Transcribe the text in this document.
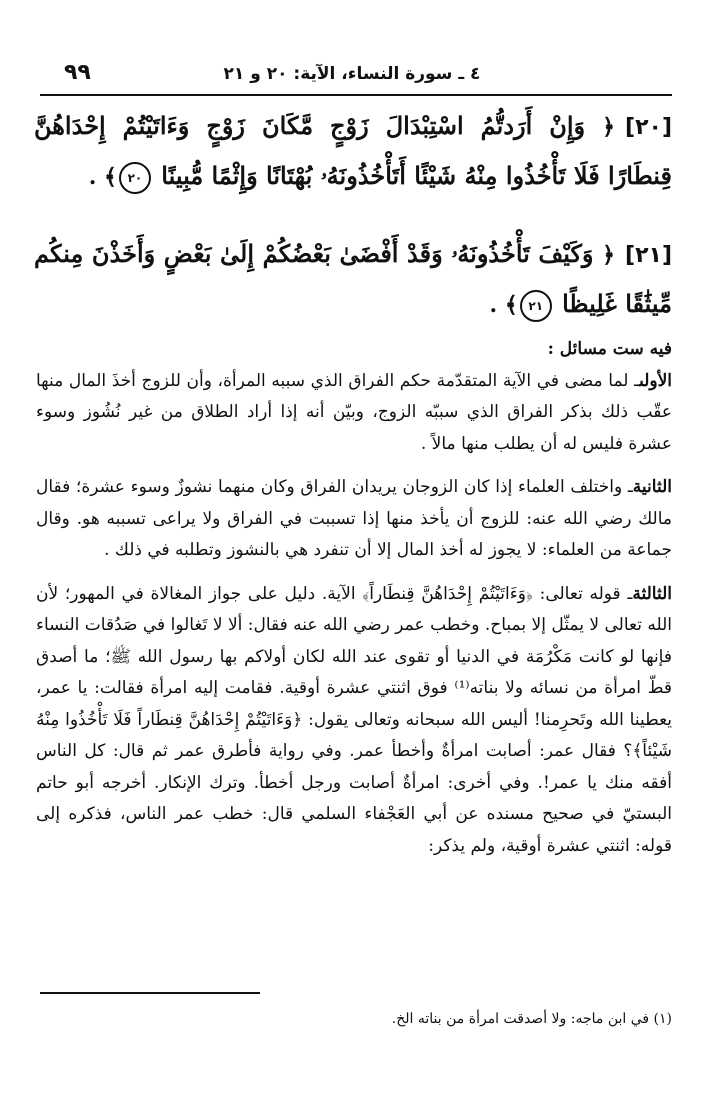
٤ ـ سورة النساء، الآية: ٢٠ و ٢١
٩٩
[٢٠]﴿ وَإِنْ أَرَدتُّمُ اسْتِبْدَالَ زَوْجٍ مَّكَانَ زَوْجٍ وَءَاتَيْتُمْ إِحْدَاهُنَّ قِنطَارًا فَلَا تَأْخُذُوا مِنْهُ شَيْئًا أَتَأْخُذُونَهُۥ بُهْتَانًا وَإِثْمًا مُّبِينًا ٢٠﴾ .
[٢١]﴿ وَكَيْفَ تَأْخُذُونَهُۥ وَقَدْ أَفْضَىٰ بَعْضُكُمْ إِلَىٰ بَعْضٍ وَأَخَذْنَ مِنكُم مِّيثَٰقًا غَلِيظًا ٢١﴾ .

فيه ست مسائل :

الأولىـ لما مضى في الآية المتقدّمة حكم الفراق الذي سببه المرأة، وأن للزوج أخذَ المال منها عقّب ذلك بذكر الفراق الذي سببّه الزوج، وبيّن أنه إذا أراد الطلاق من غير نُشُوز وسوء عشرة فليس له أن يطلب منها مالاً .

الثانيةـ واختلف العلماء إذا كان الزوجان يريدان الفراق وكان منهما نشوزٌ وسوء عشرة؛ فقال مالك رضي الله عنه: للزوج أن يأخذ منها إذا تسببت في الفراق ولا يراعى تسببه هو. وقال جماعة من العلماء: لا يجوز له أخذ المال إلا أن تنفرد هي بالنشوز وتطلبه في ذلك .

الثالثةـ قوله تعالى: ﴿وَءَاتَيْتُمْ إِحْدَاهُنَّ قِنطَاراً﴾ الآية. دليل على جواز المغالاة في المهور؛ لأن الله تعالى لا يمثّل إلا بمباح. وخطب عمر رضي الله عنه فقال: ألا لا تَغالوا في صَدُقات النساء فإنها لو كانت مَكْرُمَة في الدنيا أو تقوى عند الله لكان أولاكم بها رسول الله ﷺ؛ ما أصدق قطّ امرأة من نسائه ولا بناته⁽¹⁾ فوق اثنتي عشرة أوقية. فقامت إليه امرأة فقالت: يا عمر، يعطينا الله وتَحرِمنا! أليس الله سبحانه وتعالى يقول: ﴿وَءَاتَيْتُمْ إِحْدَاهُنَّ قِنطَاراً فَلَا تَأْخُذُوا مِنْهُ شَيْئاً﴾؟ فقال عمر: أصابت امرأةٌ وأخطأ عمر. وفي رواية فأطرق عمر ثم قال: كل الناس أفقه منك يا عمر!. وفي أخرى: امرأةٌ أصابت ورجل أخطأ. وترك الإنكار. أخرجه أبو حاتم البستيّ في صحيح مسنده عن أبي العَجْفاء السلمي قال: خطب عمر الناس، فذكره إلى قوله: اثنتي عشرة أوقية، ولم يذكر:

(١) في ابن ماجه: ولا أصدقت امرأة من بناته الخ.
